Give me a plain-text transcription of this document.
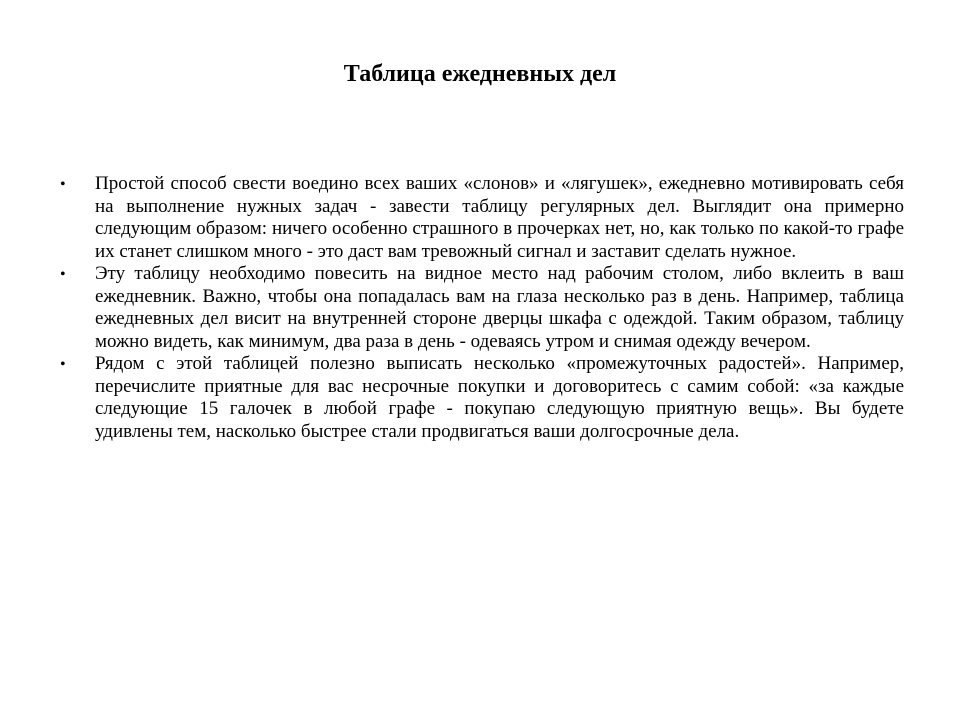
Таблица ежедневных дел
• Простой способ свести воедино всех ваших «слонов» и «лягушек», ежедневно мотивировать себя на выполнение нужных задач - завести таблицу регулярных дел. Выглядит она примерно следующим образом: ничего особенно страшного в прочерках нет, но, как только по какой-то графе их станет слишком много - это даст вам тревожный сигнал и заставит сделать нужное.
• Эту таблицу необходимо повесить на видное место над рабочим столом, либо вклеить в ваш ежедневник. Важно, чтобы она попадалась вам на глаза несколько раз в день. Например, таблица ежедневных дел висит на внутренней стороне дверцы шкафа с одеждой. Таким образом, таблицу можно видеть, как минимум, два раза в день - одеваясь утром и снимая одежду вечером.
• Рядом с этой таблицей полезно выписать несколько «промежуточных радостей». Например, перечислите приятные для вас несрочные покупки и договоритесь с самим собой: «за каждые следующие 15 галочек в любой графе - покупаю следующую приятную вещь». Вы будете удивлены тем, насколько быстрее стали продвигаться ваши долгосрочные дела.
